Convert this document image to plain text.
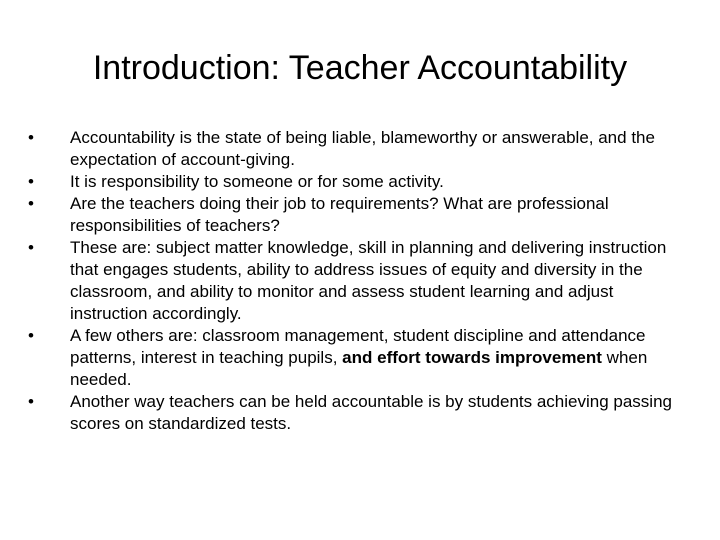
Introduction: Teacher Accountability
•	Accountability is the state of being liable, blameworthy or answerable, and the expectation of account-giving.
•	It is responsibility to someone or for some activity.
•	Are the teachers doing their job to requirements? What are professional responsibilities of teachers?
•	These are: subject matter knowledge, skill in planning and delivering instruction that engages students, ability to address issues of equity and diversity in the classroom, and ability to monitor and assess student learning and adjust instruction accordingly.
•	A few others are: classroom management, student discipline and attendance patterns, interest in teaching pupils, and effort towards improvement when needed.
•	Another way teachers can be held accountable is by students achieving passing scores on standardized tests.
